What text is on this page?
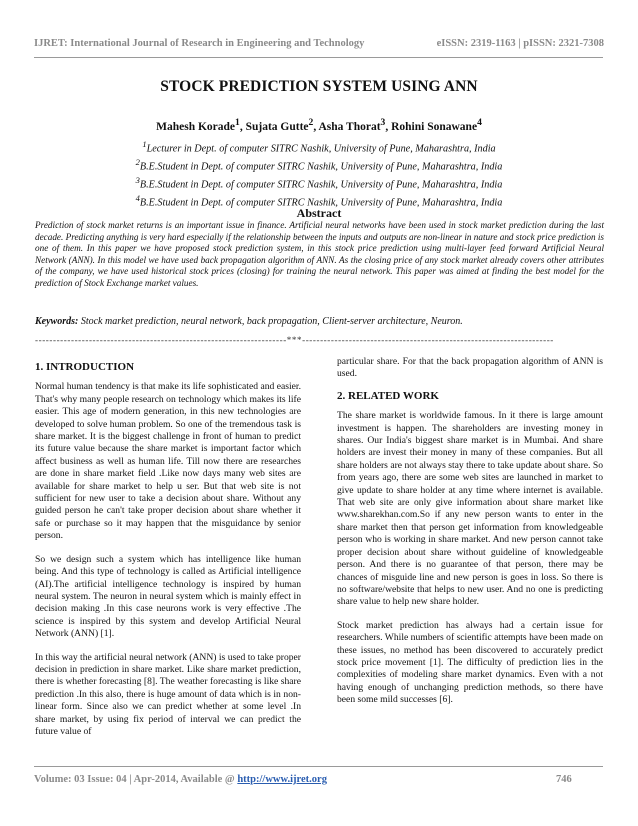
IJRET: International Journal of Research in Engineering and Technology	eISSN: 2319-1163 | pISSN: 2321-7308
STOCK PREDICTION SYSTEM USING ANN
Mahesh Korade$^1$, Sujata Gutte$^2$, Asha Thorat$^3$, Rohini Sonawane$^4$
$^1$Lecturer in Dept. of computer SITRC Nashik, University of Pune, Maharashtra, India
$^2$B.E.Student in Dept. of computer SITRC Nashik, University of Pune, Maharashtra, India
$^3$B.E.Student in Dept. of computer SITRC Nashik, University of Pune, Maharashtra, India
$^4$B.E.Student in Dept. of computer SITRC Nashik, University of Pune, Maharashtra, India
Abstract
Prediction of stock market returns is an important issue in finance. Artificial neural networks have been used in stock market prediction during the last decade. Predicting anything is very hard especially if the relationship between the inputs and outputs are non-linear in nature and stock price prediction is one of them. In this paper we have proposed stock prediction system, in this stock price prediction using multi-layer feed forward Artificial Neural Network (ANN). In this model we have used back propagation algorithm of ANN. As the closing price of any stock market already covers other attributes of the company, we have used historical stock prices (closing) for training the neural network. This paper was aimed at finding the best model for the prediction of Stock Exchange market values.
Keywords: Stock market prediction, neural network, back propagation, Client-server architecture, Neuron.
----------------------------------------------------------------------***----------------------------------------------------------------------
1. INTRODUCTION

Normal human tendency is that make its life sophisticated and easier. That's why many people research on technology which makes its life easier. This age of modern generation, in this new technologies are developed to solve human problem. So one of the tremendous task is share market. It is the biggest challenge in front of human to predict its future value because the share market is important factor which affect business as well as human life. Till now there are researches are done in share market field .Like now days many web sites are available for share market to help u ser. But that web site is not sufficient for new user to take a decision about share. Without any guided person he can't take proper decision about share whether it safe or purchase so it may happen that the misguidance by senior person.

So we design such a system which has intelligence like human being. And this type of technology is called as Artificial intelligence (AI).The artificial intelligence technology is inspired by human neural system. The neuron in neural system which is mainly effect in decision making .In this case neurons work is very effective .The science is inspired by this system and develop Artificial Neural Network (ANN) [1].

In this way the artificial neural network (ANN) is used to take proper decision in prediction in share market. Like share market prediction, there is whether forecasting [8]. The weather forecasting is like share prediction .In this also, there is huge amount of data which is in non-linear form. Since also we can predict whether at some level .In share market, by using fix period of interval we can predict the future value of

particular share. For that the back propagation algorithm of ANN is used.

2. RELATED WORK

The share market is worldwide famous. In it there is large amount investment is happen. The shareholders are investing money in shares. Our India's biggest share market is in Mumbai. And share holders are invest their money in many of these companies. But all share holders are not always stay there to take update about share. So from years ago, there are some web sites are launched in market to give update to share holder at any time where internet is available. That web site are only give information about share market like www.sharekhan.com.So if any new person wants to enter in the share market then that person get information from knowledgeable person who is working in share market. And new person cannot take proper decision about share without guideline of knowledgeable person. And there is no guarantee of that person, there may be chances of misguide line and new person is goes in loss. So there is no software/website that helps to new user. And no one is predicting share value to help new share holder.

Stock market prediction has always had a certain issue for researchers. While numbers of scientific attempts have been made on these issues, no method has been discovered to accurately predict stock price movement [1]. The difficulty of prediction lies in the complexities of modeling share market dynamics. Even with a not having enough of unchanging prediction methods, so there have been some mild successes [6].

Volume: 03 Issue: 04 | Apr-2014, Available @ http://www.ijret.org	746
